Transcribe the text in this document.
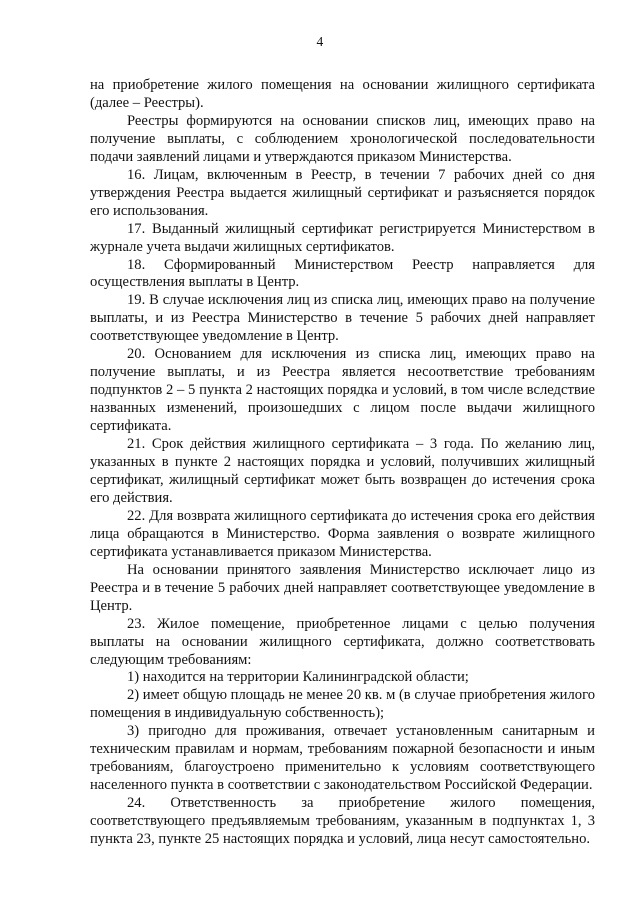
4

на приобретение жилого помещения на основании жилищного сертификата (далее – Реестры).

Реестры формируются на основании списков лиц, имеющих право на получение выплаты, с соблюдением хронологической последовательности подачи заявлений лицами и утверждаются приказом Министерства.

16. Лицам, включенным в Реестр, в течении 7 рабочих дней со дня утверждения Реестра выдается жилищный сертификат и разъясняется порядок его использования.

17. Выданный жилищный сертификат регистрируется Министерством в журнале учета выдачи жилищных сертификатов.

18. Сформированный Министерством Реестр направляется для осуществления выплаты в Центр.

19. В случае исключения лиц из списка лиц, имеющих право на получение выплаты, и из Реестра Министерство в течение 5 рабочих дней направляет соответствующее уведомление в Центр.

20. Основанием для исключения из списка лиц, имеющих право на получение выплаты, и из Реестра является несоответствие требованиям подпунктов 2 – 5 пункта 2 настоящих порядка и условий, в том числе вследствие названных изменений, произошедших с лицом после выдачи жилищного сертификата.

21. Срок действия жилищного сертификата – 3 года. По желанию лиц, указанных в пункте 2 настоящих порядка и условий, получивших жилищный сертификат, жилищный сертификат может быть возвращен до истечения срока его действия.

22. Для возврата жилищного сертификата до истечения срока его действия лица обращаются в Министерство. Форма заявления о возврате жилищного сертификата устанавливается приказом Министерства.

На основании принятого заявления Министерство исключает лицо из Реестра и в течение 5 рабочих дней направляет соответствующее уведомление в Центр.

23. Жилое помещение, приобретенное лицами с целью получения выплаты на основании жилищного сертификата, должно соответствовать следующим требованиям:

1) находится на территории Калининградской области;

2) имеет общую площадь не менее 20 кв. м (в случае приобретения жилого помещения в индивидуальную собственность);

3) пригодно для проживания, отвечает установленным санитарным и техническим правилам и нормам, требованиям пожарной безопасности и иным требованиям, благоустроено применительно к условиям соответствующего населенного пункта в соответствии с законодательством Российской Федерации.

24. Ответственность за приобретение жилого помещения, соответствующего предъявляемым требованиям, указанным в подпунктах 1, 3 пункта 23, пункте 25 настоящих порядка и условий, лица несут самостоятельно.
